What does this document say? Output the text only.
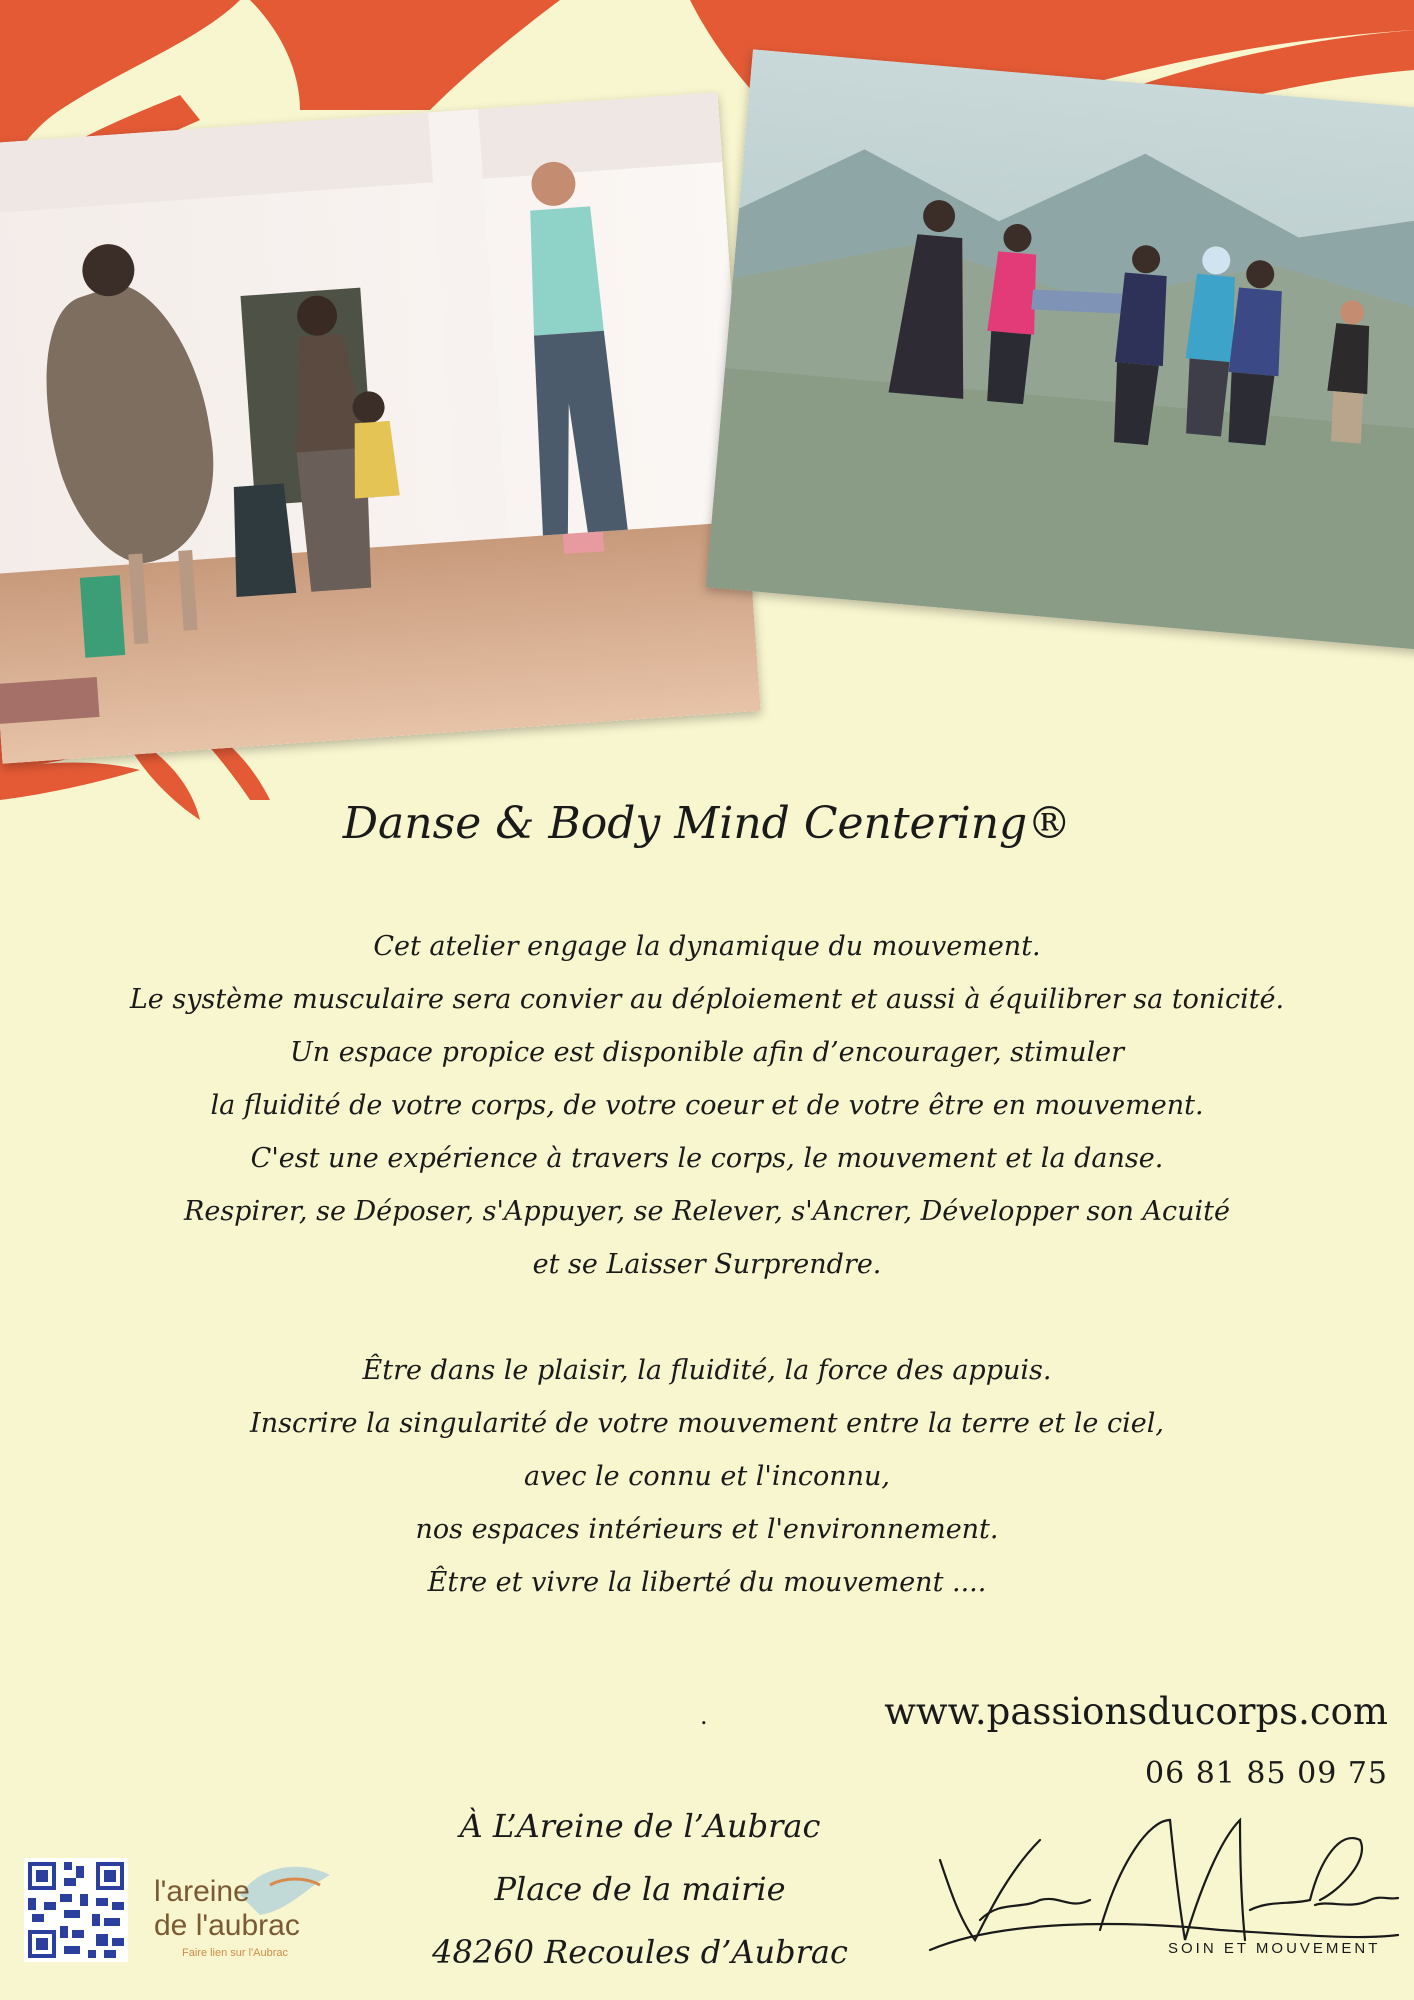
Danse & Body Mind Centering®
Cet atelier engage la dynamique du mouvement.
Le système musculaire sera convier au déploiement et aussi à équilibrer sa tonicité.
Un espace propice est disponible afin d’encourager, stimuler
la fluidité de votre corps, de votre coeur et de votre être en mouvement.
C'est une expérience à travers le corps, le mouvement et la danse.
Respirer, se Déposer, s'Appuyer, se Relever, s'Ancrer, Développer son Acuité
et se Laisser Surprendre.
Être dans le plaisir, la fluidité, la force des appuis.
Inscrire la singularité de votre mouvement entre la terre et le ciel,
avec le connu et l'inconnu,
nos espaces intérieurs et l'environnement.
Être et vivre la liberté du mouvement ....
.	www.passionsducorps.com
06 81 85 09 75
À L’Areine de l’Aubrac
Place de la mairie
48260 Recoules d’Aubrac
l'areine
de l'aubrac
Faire lien sur l'Aubrac	SOIN ET MOUVEMENT
